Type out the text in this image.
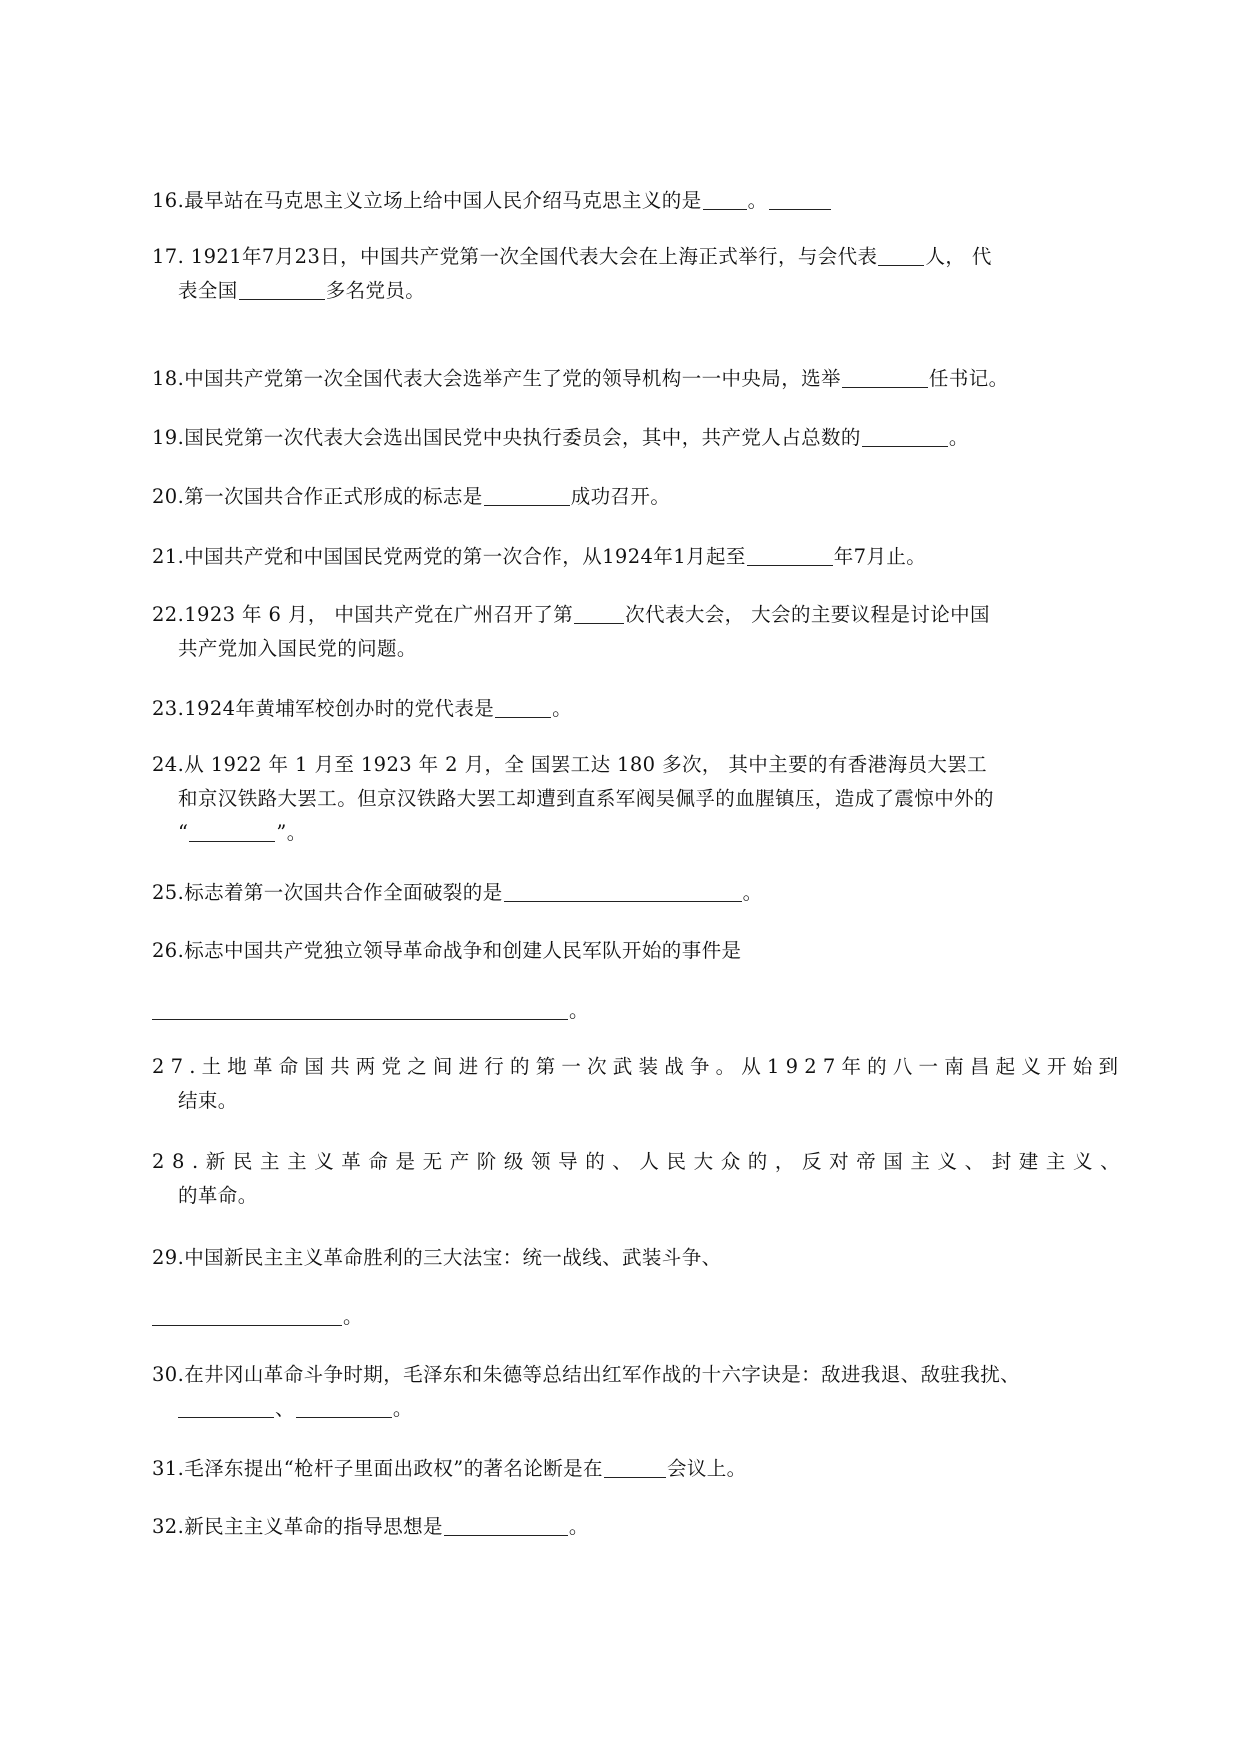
16.最早站在马克思主义立场上给中国人民介绍马克思主义的是 。
17. 1921年7月23日，中国共产党第一次全国代表大会在上海正式举行，与会代表 人， 代
表全国	多名党员。
18.中国共产党第一次全国代表大会选举产生了党的领导机构一一中央局，选举	任书记。
19.国民党第一次代表大会选出国民党中央执行委员会，其中，共产党人占总数的	。
20.第一次国共合作正式形成的标志是	成功召开。
21.中国共产党和中国国民党两党的第一次合作，从1924年1月起至	年7月止。
22.1923 年 6 月， 中国共产党在广州召开了第	次代表大会， 大会的主要议程是讨论中国
共产党加入国民党的问题。
23.1924年黄埔军校创办时的党代表是	。
24.从 1922 年 1 月至 1923 年 2 月，全 国罢工达 180 多次， 其中主要的有香港海员大罢工
和京汉铁路大罢工。但京汉铁路大罢工却遭到直系军阀吴佩孚的血腥镇压，造成了震惊中外的
“	”。
25.标志着第一次国共合作全面破裂的是	。
26.标志中国共产党独立领导革命战争和创建人民军队开始的事件是
。
27.土地革命国共两党之间进行的第一次武装战争。从1927年的八一南昌起义开始到
结束。
28.新民主主义革命是无产阶级领导的、人民大众的，反对帝国主义、封建主义、
的革命。
29.中国新民主主义革命胜利的三大法宝：统一战线、武装斗争、
。
30.在井冈山革命斗争时期，毛泽东和朱德等总结出红军作战的十六字诀是：敌进我退、敌驻我扰、
、	。
31.毛泽东提出“枪杆子里面出政权”的著名论断是在	会议上。
32.新民主主义革命的指导思想是	。
